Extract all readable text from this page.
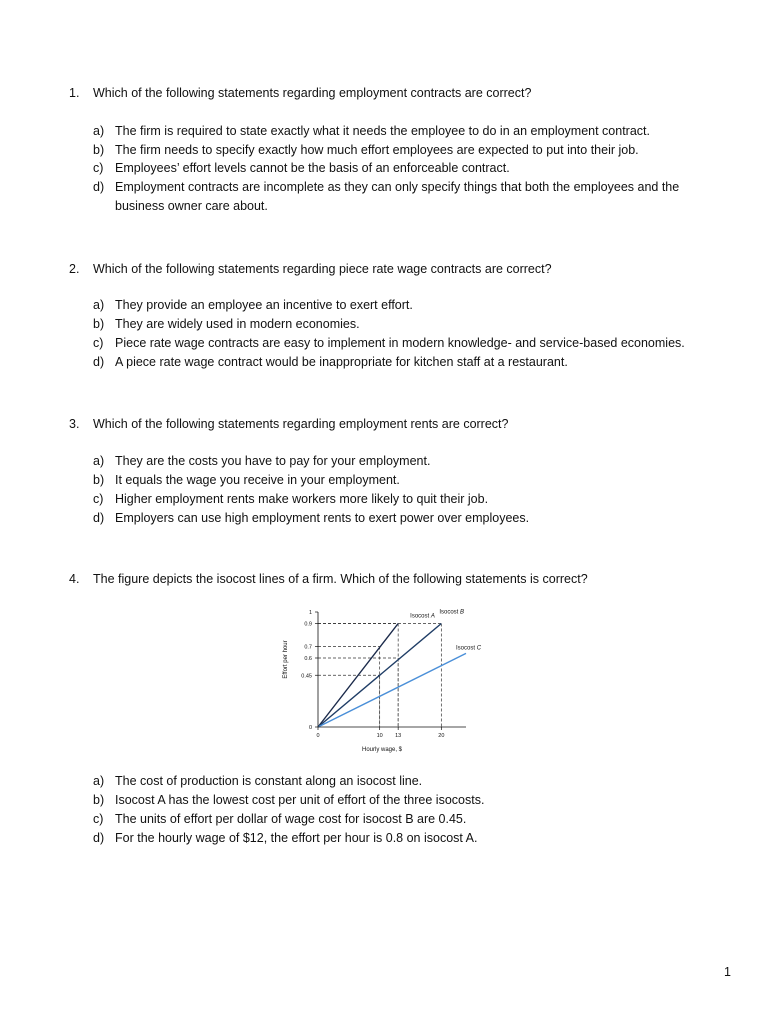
1. Which of the following statements regarding employment contracts are correct?
a) The firm is required to state exactly what it needs the employee to do in an employment contract.
b) The firm needs to specify exactly how much effort employees are expected to put into their job.
c) Employees’ effort levels cannot be the basis of an enforceable contract.
d) Employment contracts are incomplete as they can only specify things that both the employees and the business owner care about.
2. Which of the following statements regarding piece rate wage contracts are correct?
a) They provide an employee an incentive to exert effort.
b) They are widely used in modern economies.
c) Piece rate wage contracts are easy to implement in modern knowledge- and service-based economies.
d) A piece rate wage contract would be inappropriate for kitchen staff at a restaurant.
3. Which of the following statements regarding employment rents are correct?
a) They are the costs you have to pay for your employment.
b) It equals the wage you receive in your employment.
c) Higher employment rents make workers more likely to quit their job.
d) Employers can use high employment rents to exert power over employees.
4. The figure depicts the isocost lines of a firm. Which of the following statements is correct?
0
0.45
0.6
0.7
0.9
1
0	10 13	20
Isocost A
Isocost B
Isocost C
Hourly wage, $
Effort per hour
a) The cost of production is constant along an isocost line.
b) Isocost A has the lowest cost per unit of effort of the three isocosts.
c) The units of effort per dollar of wage cost for isocost B are 0.45.
d) For the hourly wage of $12, the effort per hour is 0.8 on isocost A.
1
